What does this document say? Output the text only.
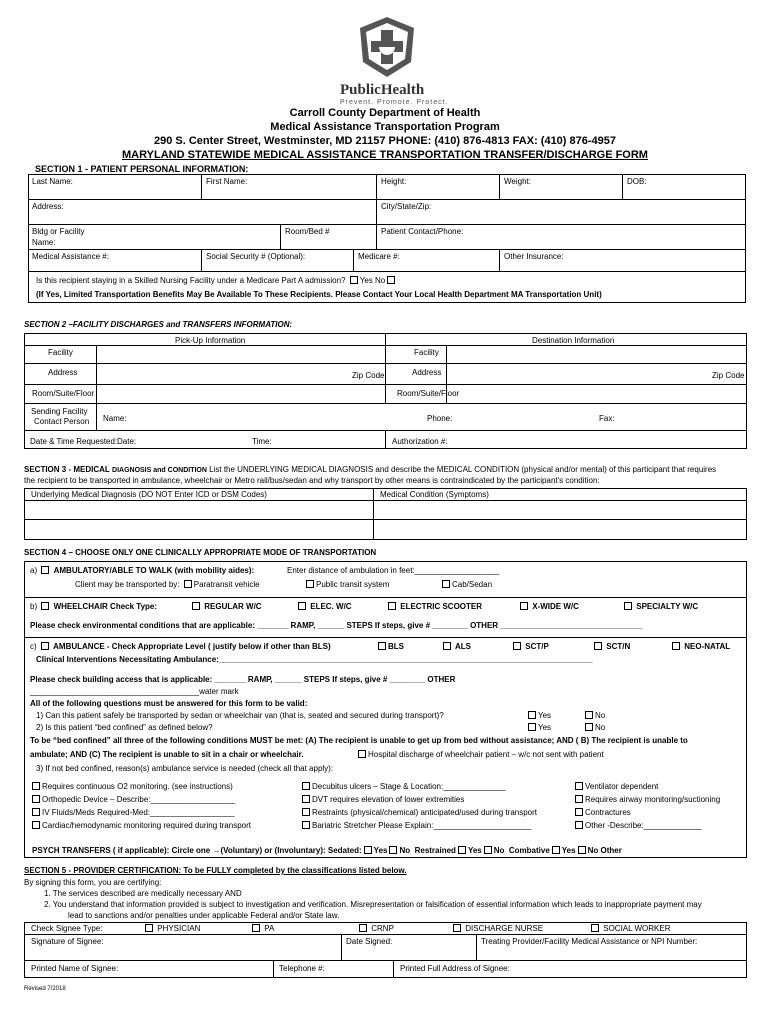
PublicHealth
Prevent. Promote. Protect.
Carroll County Department of Health
Medical Assistance Transportation Program
290 S. Center Street, Westminster, MD 21157 PHONE: (410) 876-4813 FAX: (410) 876-4957
MARYLAND STATEWIDE MEDICAL ASSISTANCE TRANSPORTATION TRANSFER/DISCHARGE FORM
SECTION 1 - PATIENT PERSONAL INFORMATION:
Last Name:	First Name:	Height:	Weight:	DOB:
Address:	City/State/Zip:
Bldg or Facility
Name:
Room/Bed #	Patient Contact/Phone:
Medical Assistance #:	Social Security # (Optional):	Medicare #:	Other Insurance:
Is this recipient staying in a Skilled Nursing Facility under a Medicare Part A admission? Yes No
(If Yes, Limited Transportation Benefits May Be Available To These Recipients. Please Contact Your Local Health Department MA Transportation Unit)
SECTION 2 –FACILITY DISCHARGES and TRANSFERS INFORMATION:
Pick-Up Information	Destination Information
Facility	Facility
Address	Zip Code	Address	Zip Code
Room/Suite/Floor	Room/Suite/Floor
Sending Facility
Contact Person Name:	Phone:	Fax:
Date & Time Requested: Date:	Time:	Authorization #:
SECTION 3 - MEDICAL DIAGNOSIS and CONDITION List the UNDERLYING MEDICAL DIAGNOSIS and describe the MEDICAL CONDITION (physical and/or mental) of this participant that requires
the recipient to be transported in ambulance, wheelchair or Metro rail/bus/sedan and why transport by other means is contraindicated by the participant's condition:
Underlying Medical Diagnosis (DO NOT Enter ICD or DSM Codes)	Medical Condition (Symptoms)
SECTION 4 – CHOOSE ONLY ONE CLINICALLY APPROPRIATE MODE OF TRANSPORTATION
a) AMBULATORY/ABLE TO WALK (with mobility aides):	Enter distance of ambulation in feet:___________________
Client may be transported by: Paratransit vehicle	Public transit system	Cab/Sedan
b) WHEELCHAIR Check Type:	REGULAR W/C	ELEC. W/C	ELECTRIC SCOOTER	X-WIDE W/C	SPECIALTY W/C
Please check environmental conditions that are applicable: _______ RAMP, ______ STEPS If steps, give # ________ OTHER ________________________________
c) AMBULANCE - Check Appropriate Level ( justify below if other than BLS)	BLS	ALS	SCT/P	SCT/N	NEO-NATAL
Clinical Interventions Necessitating Ambulance:____________________________________________________________________________________
Please check building access that is applicable: _______ RAMP, ______ STEPS If steps, give # ________ OTHER
______________________________________water mark
All of the following questions must be answered for this form to be valid:
1) Can this patient safely be transported by sedan or wheelchair van (that is, seated and secured during transport)?	Yes	No
2) Is this patient “bed confined” as defined below?	Yes	No
To be “bed confined” all three of the following conditions MUST be met: (A) The recipient is unable to get up from bed without assistance; AND ( B) The recipient is unable to
ambulate; AND (C) The recipient is unable to sit in a chair or wheelchair.	Hospital discharge of wheelchair patient – w/c not sent with patient
3) If not bed confined, reason(s) ambulance service is needed (check all that apply):
Requires continuous O2 monitoring. (see instructions)
Orthopedic Device – Describe:___________________
IV Fluids/Meds Required-Med:___________________
Cardiac/hemodynamic monitoring required during transport
Decubitus ulcers – Stage & Location:______________
DVT requires elevation of lower extremities
Restraints (physical/chemical) anticipated/used during transport
Bariatric Stretcher Please Explain:______________________
Ventilator dependent
Requires airway monitoring/suctioning
Contractures
Other -Describe:_____________
PSYCH TRANSFERS ( if applicable): Circle one →(Voluntary) or (Involuntary): Sedated: Yes No Restrained Yes No Combative Yes No Other
SECTION 5 - PROVIDER CERTIFICATION: To be FULLY completed by the classifications listed below.
By signing this form, you are certifying:
1. The services described are medically necessary AND
2. You understand that information provided is subject to investigation and verification. Misrepresentation or falsification of essential information which leads to inappropriate payment may
lead to sanctions and/or penalties under applicable Federal and/or State law.
Check Signee Type:	PHYSICIAN	PA	CRNP	DISCHARGE NURSE	SOCIAL WORKER
Signature of Signee:	Date Signed:	Treating Provider/Facility Medical Assistance or NPI Number:
Printed Name of Signee:	Telephone #:	Printed Full Address of Signee:
Revised 7/2018
